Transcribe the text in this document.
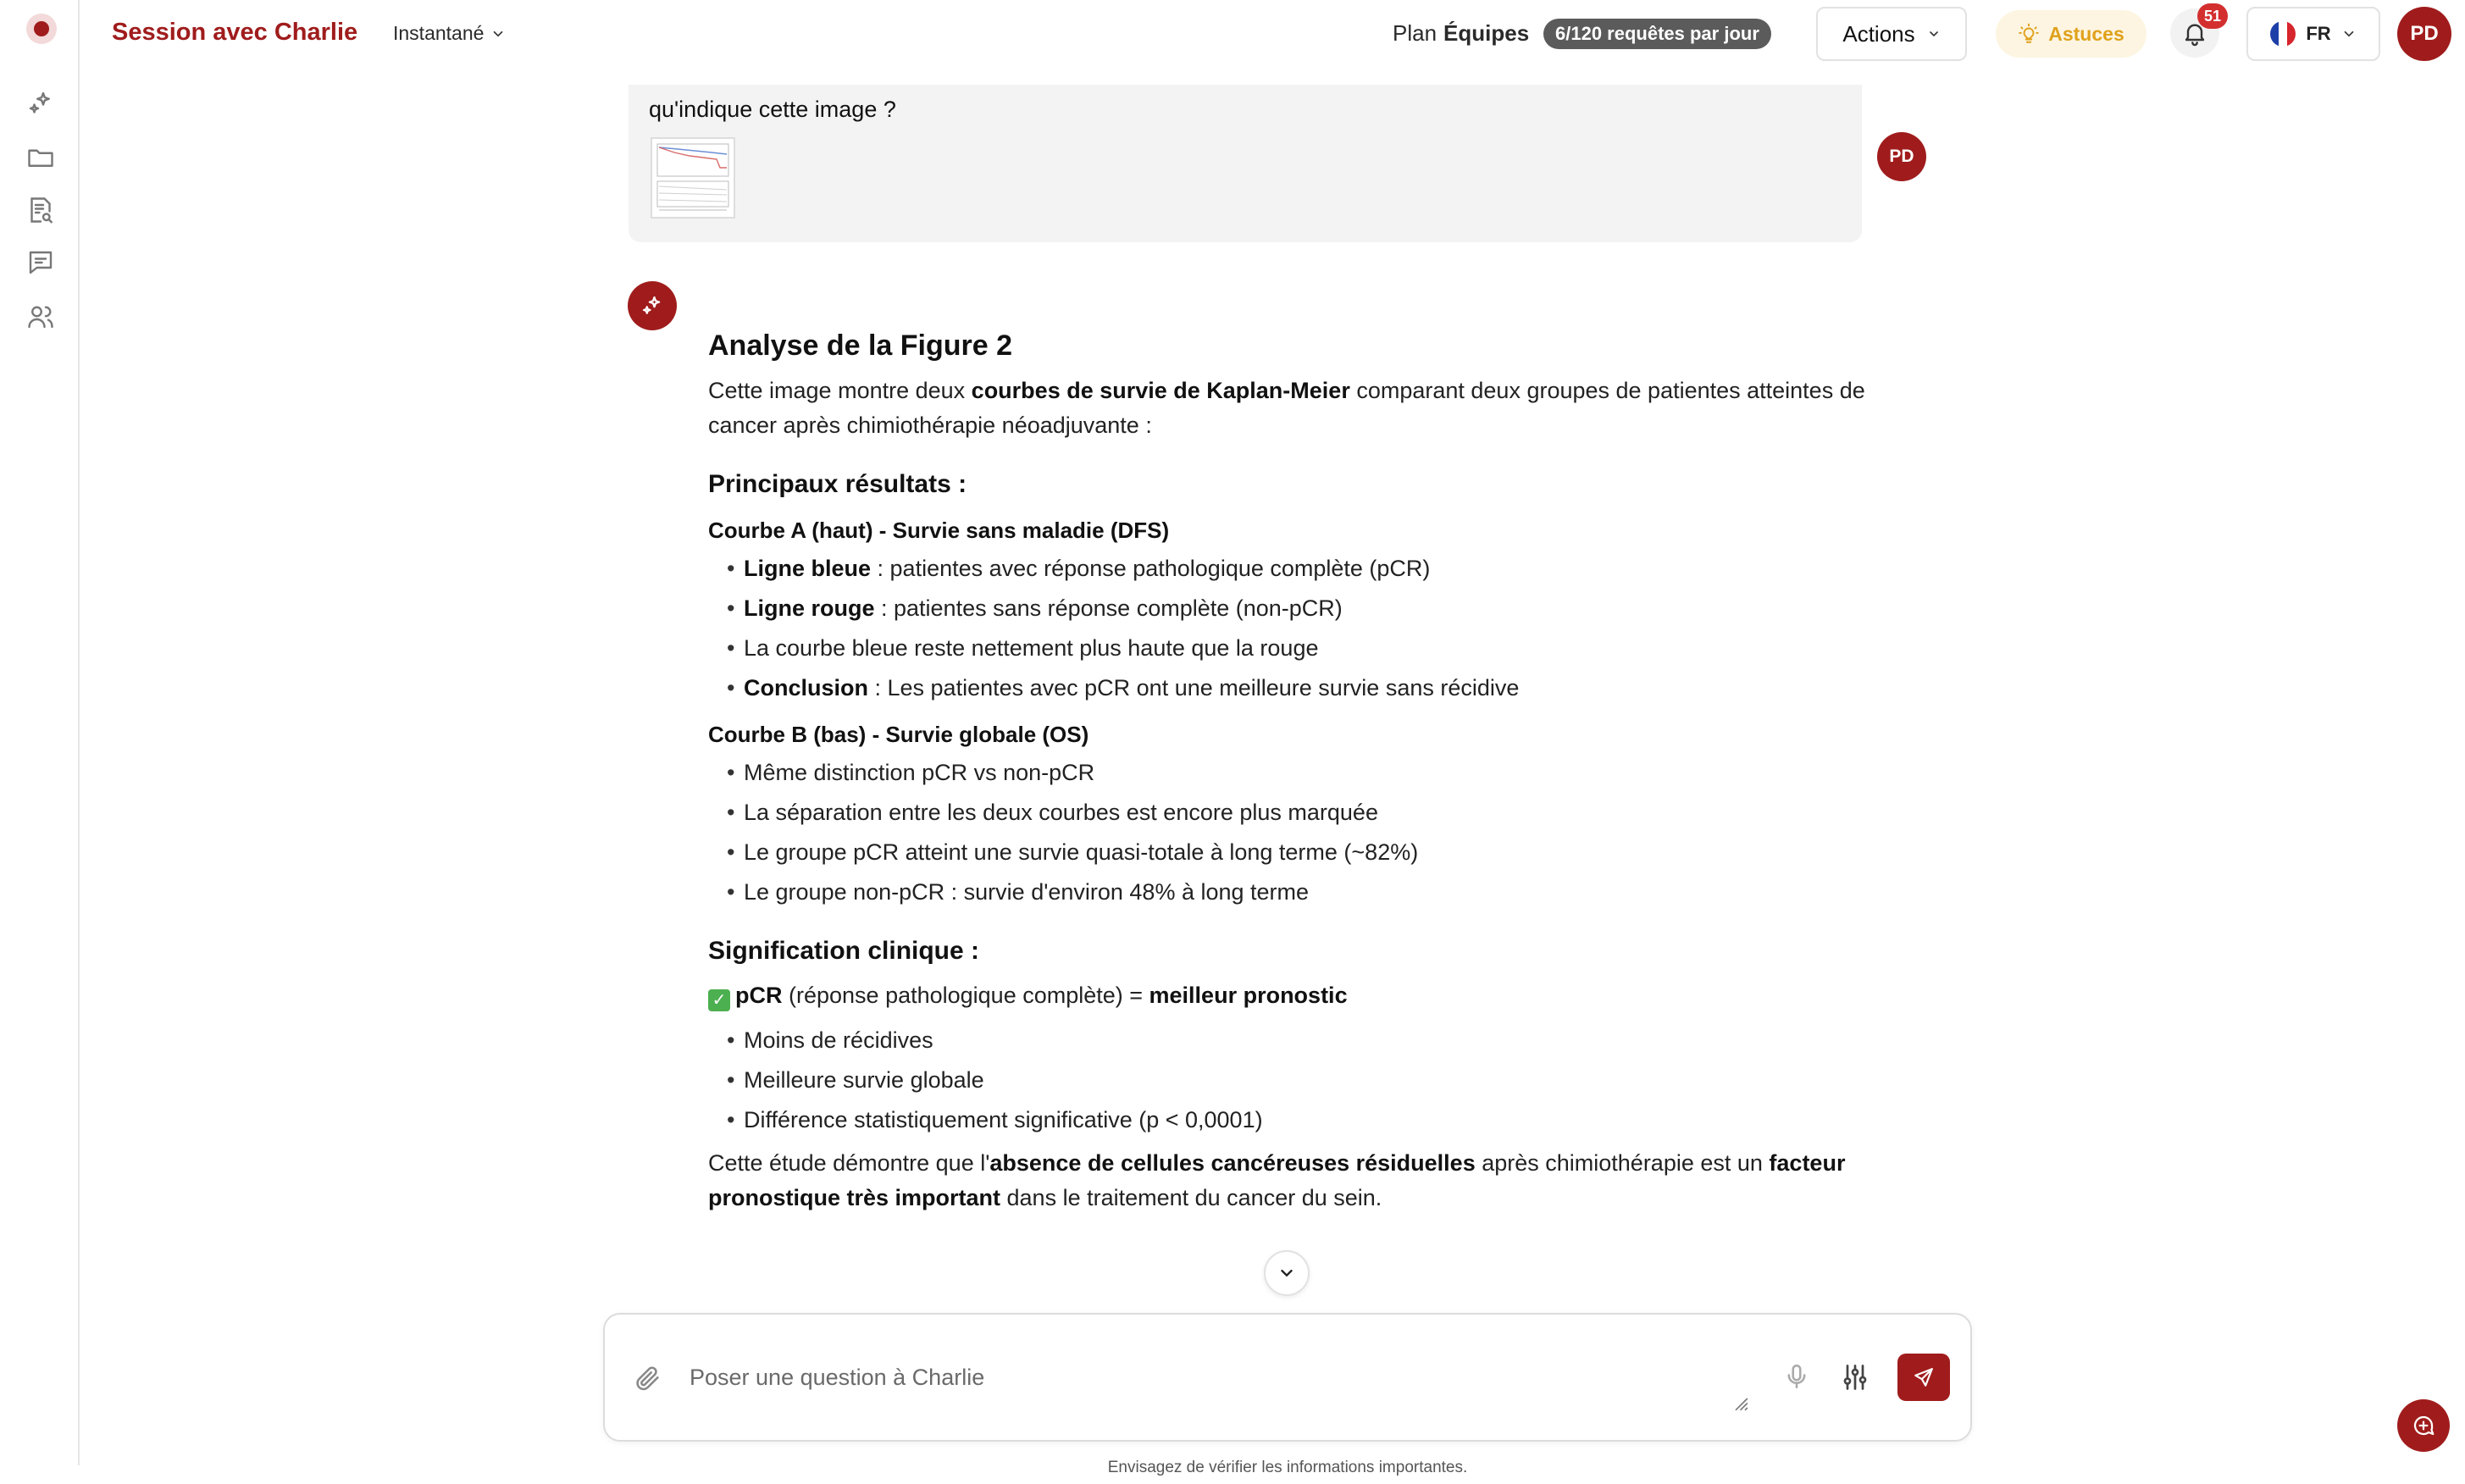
Session avec Charlie Instantané	Plan Équipes	6/120 requêtes par jour	Actions	Astuces
51
FR	PD
qu'indique cette image ?
PD
Analyse de la Figure 2

Cette image montre deux courbes de survie de Kaplan-Meier comparant deux groupes de patientes atteintes de cancer après chimiothérapie néoadjuvante :

Principaux résultats :
Courbe A (haut) - Survie sans maladie (DFS)
• Ligne bleue : patientes avec réponse pathologique complète (pCR)
• Ligne rouge : patientes sans réponse complète (non-pCR)
• La courbe bleue reste nettement plus haute que la rouge
• Conclusion : Les patientes avec pCR ont une meilleure survie sans récidive
Courbe B (bas) - Survie globale (OS)
• Même distinction pCR vs non-pCR
• La séparation entre les deux courbes est encore plus marquée
• Le groupe pCR atteint une survie quasi-totale à long terme (~82%)
• Le groupe non-pCR : survie d'environ 48% à long terme
Signification clinique :

✓ pCR (réponse pathologique complète) = meilleur pronostic

• Moins de récidives
• Meilleure survie globale
• Différence statistiquement significative (p < 0,0001)

Cette étude démontre que l'absence de cellules cancéreuses résiduelles après chimiothérapie est un facteur pronostique très important dans le traitement du cancer du sein.

Poser une question à Charlie
Envisagez de vérifier les informations importantes.
